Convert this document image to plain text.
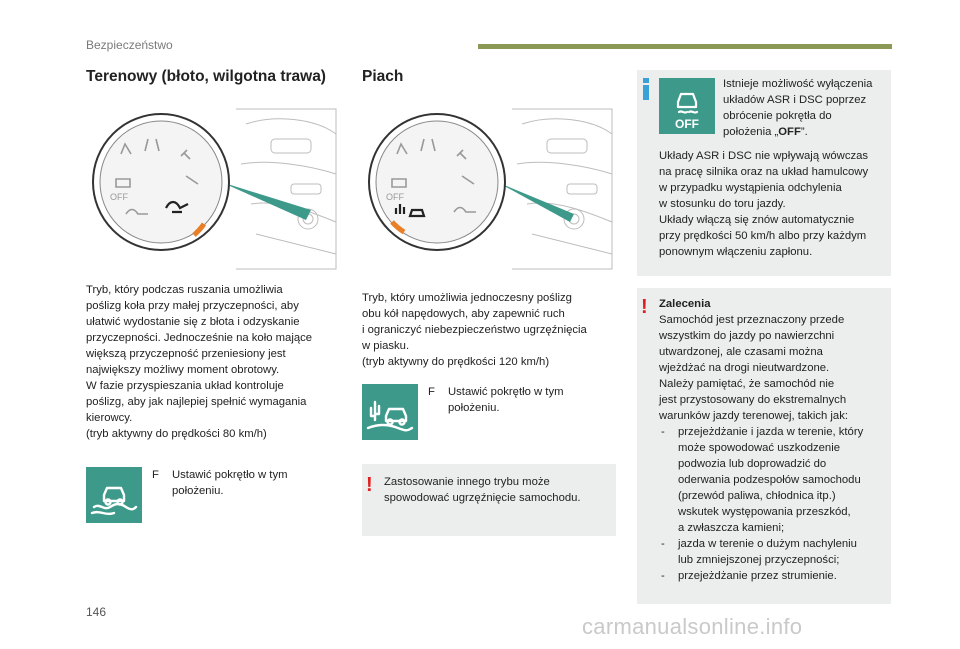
Bezpieczeństwo
Terenowy (błoto, wilgotna trawa)
OFF
Tryb, który podczas ruszania umożliwia
poślizg koła przy małej przyczepności, aby
ułatwić wydostanie się z błota i odzyskanie
przyczepności. Jednocześnie na koło mające
większą przyczepność przeniesiony jest
największy możliwy moment obrotowy.
W fazie przyspieszania układ kontroluje
poślizg, aby jak najlepiej spełnić wymagania
kierowcy.
(tryb aktywny do prędkości 80 km/h)
F Ustawić pokrętło w tym
położeniu.
Piach
OFF
Tryb, który umożliwia jednoczesny poślizg
obu kół napędowych, aby zapewnić ruch
i ograniczyć niebezpieczeństwo ugrzęźnięcia
w piasku.
(tryb aktywny do prędkości 120 km/h)
F Ustawić pokrętło w tym
położeniu.
! Zastosowanie innego trybu może
spowodować ugrzęźnięcie samochodu.
OFF
Istnieje możliwość wyłączenia
układów ASR i DSC poprzez
obrócenie pokrętła do
położenia „OFF”.
Układy ASR i DSC nie wpływają wówczas
na pracę silnika oraz na układ hamulcowy
w przypadku wystąpienia odchylenia
w stosunku do toru jazdy.
Układy włączą się znów automatycznie
przy prędkości 50 km/h albo przy każdym
ponownym włączeniu zapłonu.
! Zalecenia
Samochód jest przeznaczony przede
wszystkim do jazdy po nawierzchni
utwardzonej, ale czasami można
wjeżdżać na drogi nieutwardzone.
Należy pamiętać, że samochód nie
jest przystosowany do ekstremalnych
warunków jazdy terenowej, takich jak:
- przejeżdżanie i jazda w terenie, który
może spowodować uszkodzenie
podwozia lub doprowadzić do
oderwania podzespołów samochodu
(przewód paliwa, chłodnica itp.)
wskutek występowania przeszkód,
a zwłaszcza kamieni;
- jazda w terenie o dużym nachyleniu
lub zmniejszonej przyczepności;
- przejeżdżanie przez strumienie.
146
carmanualsonline.info
